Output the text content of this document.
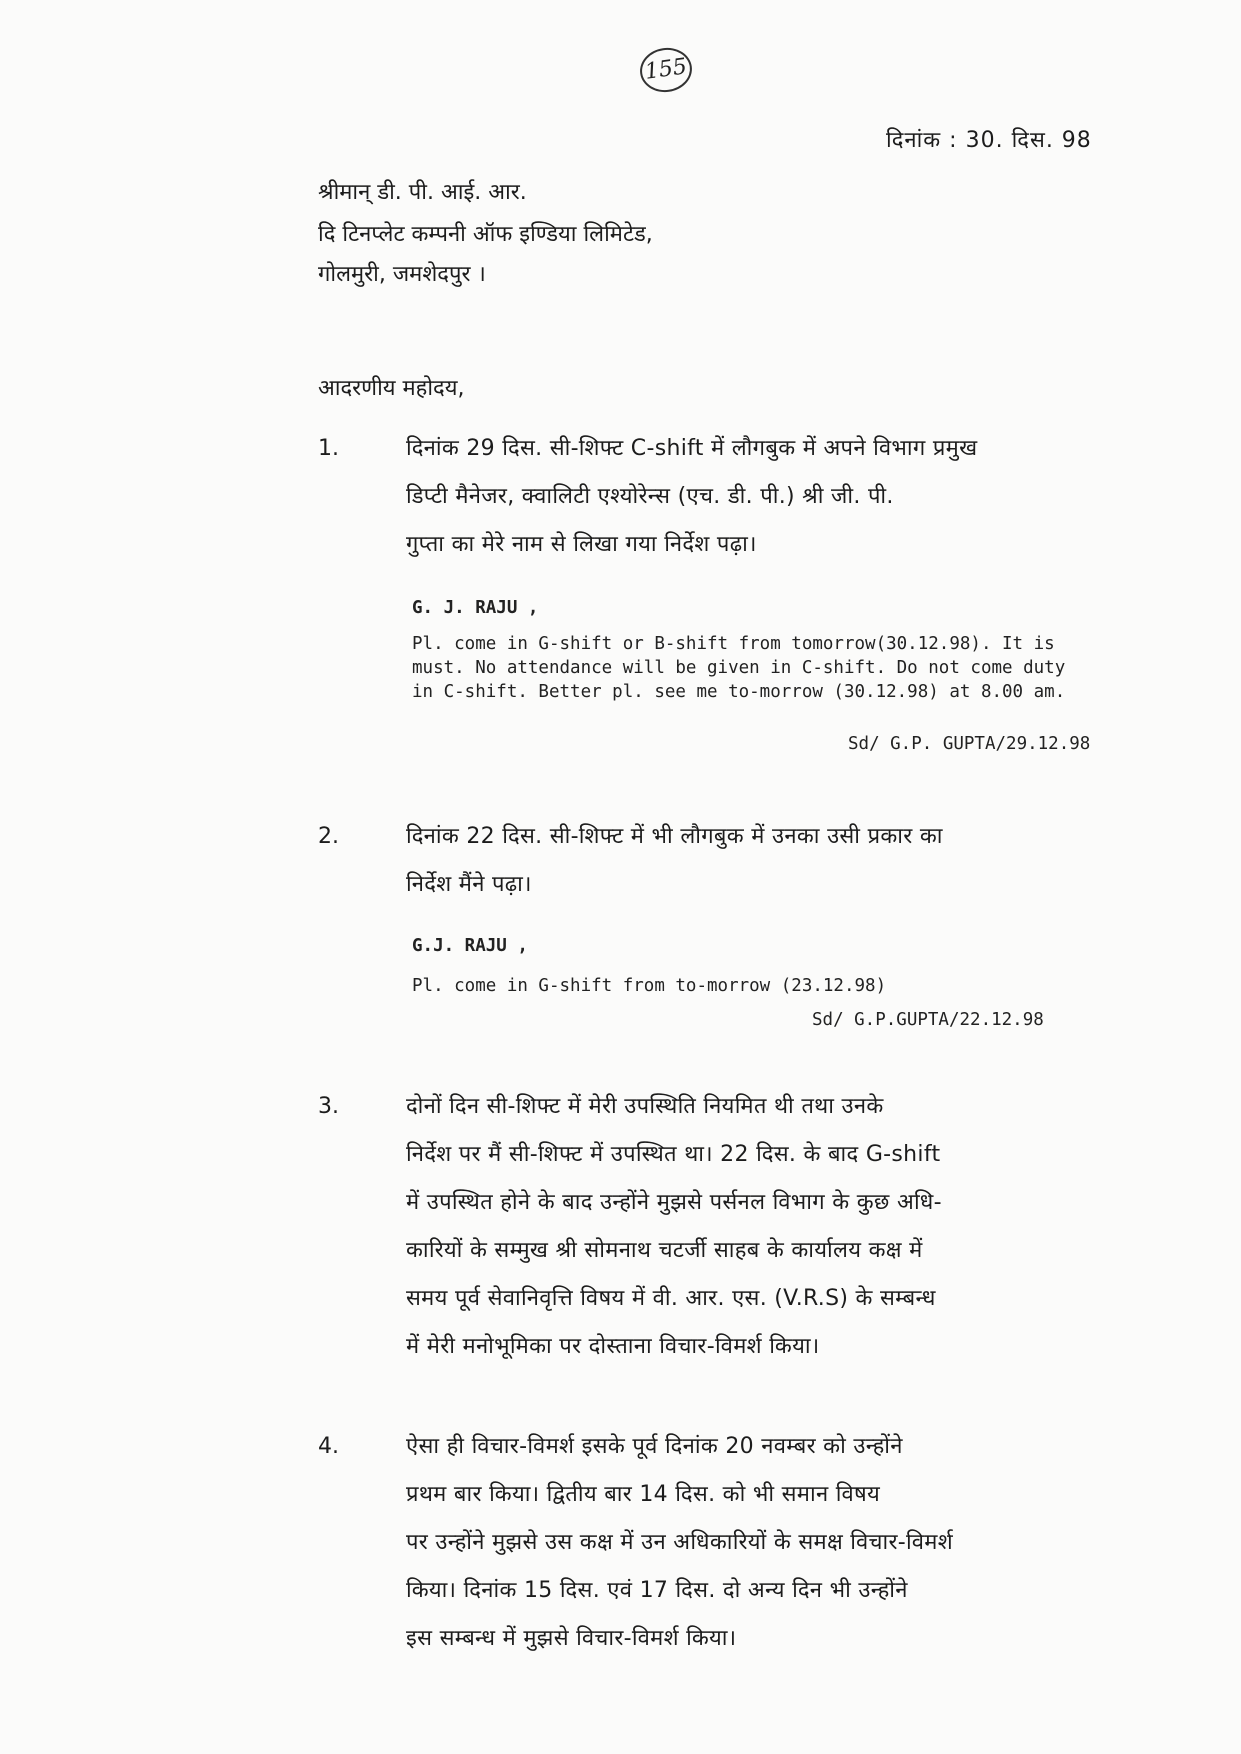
155
दिनांक : 30. दिस. 98
श्रीमान् डी. पी. आई. आर.
दि टिनप्लेट कम्पनी ऑफ इण्डिया लिमिटेड,
गोलमुरी, जमशेदपुर ।
आदरणीय महोदय,
1.	दिनांक 29 दिस. सी-शिफ्ट C-shift में लौगबुक में अपने विभाग प्रमुख
डिप्टी मैनेजर, क्वालिटी एश्योरेन्स (एच. डी. पी.) श्री जी. पी.
गुप्ता का मेरे नाम से लिखा गया निर्देश पढ़ा।
G. J. RAJU ,
Pl. come in G-shift or B-shift from tomorrow(30.12.98). It is
must. No attendance will be given in C-shift. Do not come duty
in C-shift. Better pl. see me to-morrow (30.12.98) at 8.00 am.
Sd/ G.P. GUPTA/29.12.98
2.	दिनांक 22 दिस. सी-शिफ्ट में भी लौगबुक में उनका उसी प्रकार का
निर्देश मैंने पढ़ा।
G.J. RAJU ,
Pl. come in G-shift from to-morrow (23.12.98)
Sd/ G.P.GUPTA/22.12.98
3.	दोनों दिन सी-शिफ्ट में मेरी उपस्थिति नियमित थी तथा उनके
निर्देश पर मैं सी-शिफ्ट में उपस्थित था। 22 दिस. के बाद G-shift
में उपस्थित होने के बाद उन्होंने मुझसे पर्सनल विभाग के कुछ अधि-
कारियों के सम्मुख श्री सोमनाथ चटर्जी साहब के कार्यालय कक्ष में
समय पूर्व सेवानिवृत्ति विषय में वी. आर. एस. (V.R.S) के सम्बन्ध
में मेरी मनोभूमिका पर दोस्ताना विचार-विमर्श किया।
4.	ऐसा ही विचार-विमर्श इसके पूर्व दिनांक 20 नवम्बर को उन्होंने
प्रथम बार किया। द्वितीय बार 14 दिस. को भी समान विषय
पर उन्होंने मुझसे उस कक्ष में उन अधिकारियों के समक्ष विचार-विमर्श
किया। दिनांक 15 दिस. एवं 17 दिस. दो अन्य दिन भी उन्होंने
इस सम्बन्ध में मुझसे विचार-विमर्श किया।
